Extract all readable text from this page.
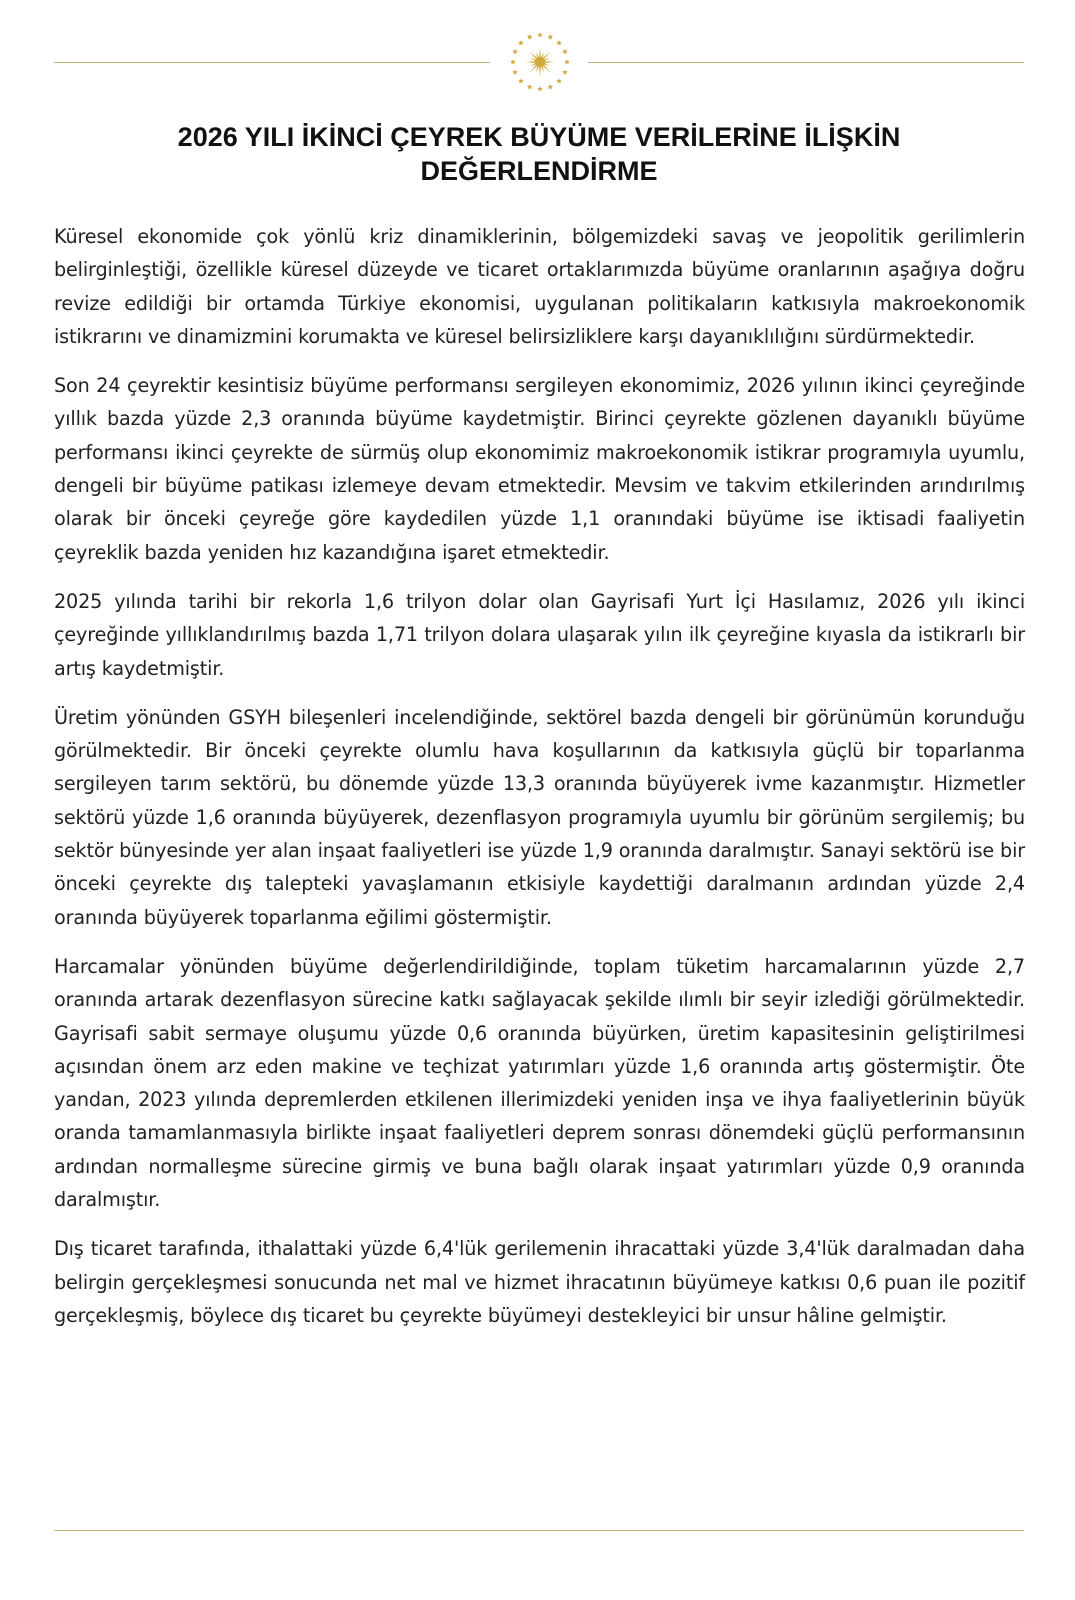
2026 YILI İKİNCİ ÇEYREK BÜYÜME VERİLERİNE İLİŞKİN
DEĞERLENDİRME

Küresel ekonomide çok yönlü kriz dinamiklerinin, bölgemizdeki savaş ve jeopolitik gerilimlerin belirginleştiği, özellikle küresel düzeyde ve ticaret ortaklarımızda büyüme oranlarının aşağıya doğru revize edildiği bir ortamda Türkiye ekonomisi, uygulanan politikaların katkısıyla makroekonomik istikrarını ve dinamizmini korumakta ve küresel belirsizliklere karşı dayanıklılığını sürdürmektedir.

Son 24 çeyrektir kesintisiz büyüme performansı sergileyen ekonomimiz, 2026 yılının ikinci çeyreğinde yıllık bazda yüzde 2,3 oranında büyüme kaydetmiştir. Birinci çeyrekte gözlenen dayanıklı büyüme performansı ikinci çeyrekte de sürmüş olup ekonomimiz makroekonomik istikrar programıyla uyumlu, dengeli bir büyüme patikası izlemeye devam etmektedir. Mevsim ve takvim etkilerinden arındırılmış olarak bir önceki çeyreğe göre kaydedilen yüzde 1,1 oranındaki büyüme ise iktisadi faaliyetin çeyreklik bazda yeniden hız kazandığına işaret etmektedir.

2025 yılında tarihi bir rekorla 1,6 trilyon dolar olan Gayrisafi Yurt İçi Hasılamız, 2026 yılı ikinci çeyreğinde yıllıklandırılmış bazda 1,71 trilyon dolara ulaşarak yılın ilk çeyreğine kıyasla da istikrarlı bir artış kaydetmiştir.

Üretim yönünden GSYH bileşenleri incelendiğinde, sektörel bazda dengeli bir görünümün korunduğu görülmektedir. Bir önceki çeyrekte olumlu hava koşullarının da katkısıyla güçlü bir toparlanma sergileyen tarım sektörü, bu dönemde yüzde 13,3 oranında büyüyerek ivme kazanmıştır. Hizmetler sektörü yüzde 1,6 oranında büyüyerek, dezenflasyon programıyla uyumlu bir görünüm sergilemiş; bu sektör bünyesinde yer alan inşaat faaliyetleri ise yüzde 1,9 oranında daralmıştır. Sanayi sektörü ise bir önceki çeyrekte dış talepteki yavaşlamanın etkisiyle kaydettiği daralmanın ardından yüzde 2,4 oranında büyüyerek toparlanma eğilimi göstermiştir.

Harcamalar yönünden büyüme değerlendirildiğinde, toplam tüketim harcamalarının yüzde 2,7 oranında artarak dezenflasyon sürecine katkı sağlayacak şekilde ılımlı bir seyir izlediği görülmektedir. Gayrisafi sabit sermaye oluşumu yüzde 0,6 oranında büyürken, üretim kapasitesinin geliştirilmesi açısından önem arz eden makine ve teçhizat yatırımları yüzde 1,6 oranında artış göstermiştir. Öte yandan, 2023 yılında depremlerden etkilenen illerimizdeki yeniden inşa ve ihya faaliyetlerinin büyük oranda tamamlanmasıyla birlikte inşaat faaliyetleri deprem sonrası dönemdeki güçlü performansının ardından normalleşme sürecine girmiş ve buna bağlı olarak inşaat yatırımları yüzde 0,9 oranında daralmıştır.

Dış ticaret tarafında, ithalattaki yüzde 6,4'lük gerilemenin ihracattaki yüzde 3,4'lük daralmadan daha belirgin gerçekleşmesi sonucunda net mal ve hizmet ihracatının büyümeye katkısı 0,6 puan ile pozitif gerçekleşmiş, böylece dış ticaret bu çeyrekte büyümeyi destekleyici bir unsur hâline gelmiştir.
